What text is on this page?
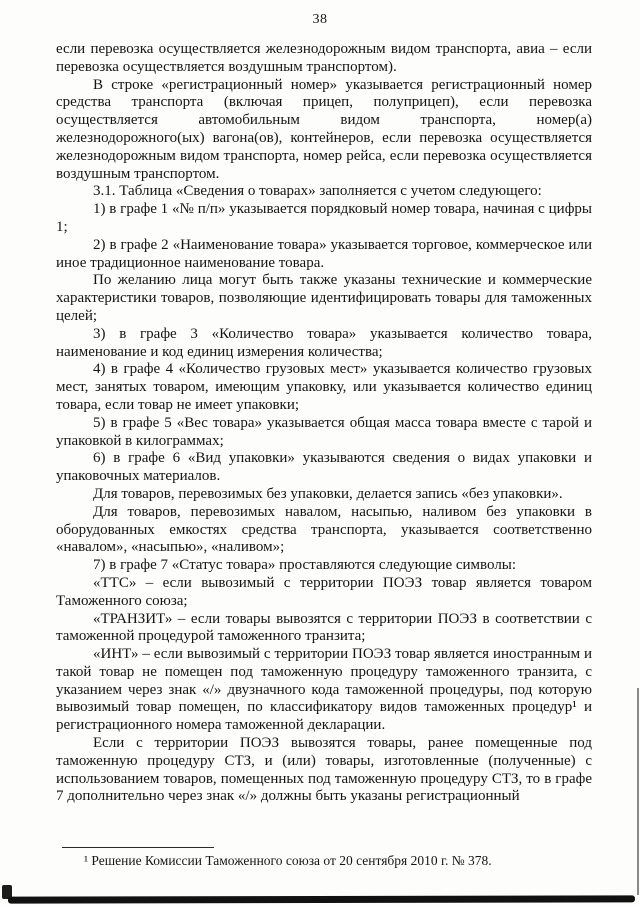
38

если перевозка осуществляется железнодорожным видом транспорта, авиа – если перевозка осуществляется воздушным транспортом).

В строке «регистрационный номер» указывается регистрационный номер средства транспорта (включая прицеп, полуприцеп), если перевозка осуществляется автомобильным видом транспорта, номер(а) железнодорожного(ых) вагона(ов), контейнеров, если перевозка осуществляется железнодорожным видом транспорта, номер рейса, если перевозка осуществляется воздушным транспортом.

3.1. Таблица «Сведения о товарах» заполняется с учетом следующего:

1) в графе 1 «№ п/п» указывается порядковый номер товара, начиная с цифры 1;

2) в графе 2 «Наименование товара» указывается торговое, коммерческое или иное традиционное наименование товара.

По желанию лица могут быть также указаны технические и коммерческие характеристики товаров, позволяющие идентифицировать товары для таможенных целей;

3) в графе 3 «Количество товара» указывается количество товара, наименование и код единиц измерения количества;

4) в графе 4 «Количество грузовых мест» указывается количество грузовых мест, занятых товаром, имеющим упаковку, или указывается количество единиц товара, если товар не имеет упаковки;

5) в графе 5 «Вес товара» указывается общая масса товара вместе с тарой и упаковкой в килограммах;

6) в графе 6 «Вид упаковки» указываются сведения о видах упаковки и упаковочных материалов.

Для товаров, перевозимых без упаковки, делается запись «без упаковки».

Для товаров, перевозимых навалом, насыпью, наливом без упаковки в оборудованных емкостях средства транспорта, указывается соответственно «навалом», «насыпью», «наливом»;

7) в графе 7 «Статус товара» проставляются следующие символы:

«ТТС» – если вывозимый с территории ПОЭЗ товар является товаром Таможенного союза;

«ТРАНЗИТ» – если товары вывозятся с территории ПОЭЗ в соответствии с таможенной процедурой таможенного транзита;

«ИНТ» – если вывозимый с территории ПОЭЗ товар является иностранным и такой товар не помещен под таможенную процедуру таможенного транзита, с указанием через знак «/» двузначного кода таможенной процедуры, под которую вывозимый товар помещен, по классификатору видов таможенных процедур¹ и регистрационного номера таможенной декларации.

Если с территории ПОЭЗ вывозятся товары, ранее помещенные под таможенную процедуру СТЗ, и (или) товары, изготовленные (полученные) с использованием товаров, помещенных под таможенную процедуру СТЗ, то в графе 7 дополнительно через знак «/» должны быть указаны регистрационный

¹ Решение Комиссии Таможенного союза от 20 сентября 2010 г. № 378.
